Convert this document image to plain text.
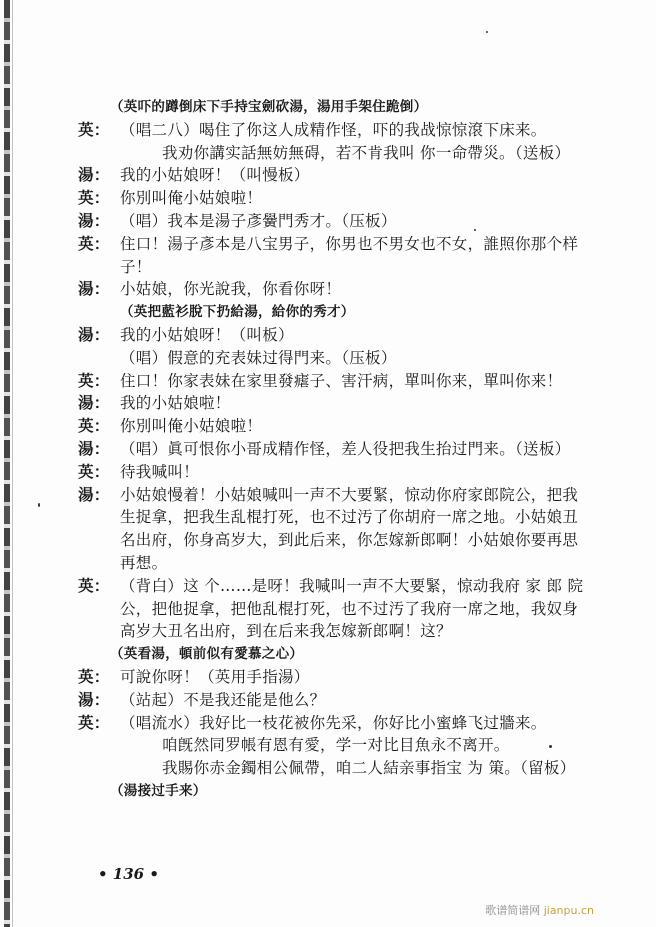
（英吓的蹲倒床下手持宝劍砍湯，湯用手架住跪倒）
英： （唱二八）喝住了你这人成精作怪，吓的我战惊惊滾下床来。
我劝你講实話無妨無碍，若不肯我叫 你一命帶災。（送板）
湯： 我的小姑娘呀！（叫慢板）
英： 你別叫俺小姑娘啦！
湯： （唱）我本是湯子彥黌門秀才。（压板）
英： 住口！湯子彥本是八宝男子，你男也不男女也不女，誰照你那个样
子！
湯： 小姑娘，你光說我，你看你呀！
（英把藍衫脫下扔給湯，給你的秀才）
湯： 我的小姑娘呀！（叫板）
（唱）假意的充表妹过得門来。（压板）
英： 住口！你家表妹在家里發瘧子、害汗病，單叫你来，單叫你来！
湯： 我的小姑娘啦！
英： 你別叫俺小姑娘啦！
湯： （唱）眞可恨你小哥成精作怪，差人役把我生抬过門来。（送板）
英： 待我喊叫！
湯： 小姑娘慢着！小姑娘喊叫一声不大要緊，惊动你府家郎院公，把我
生捉拿，把我生乱棍打死，也不过汚了你胡府一席之地。小姑娘丑
名出府，你身高岁大，到此后来，你怎嫁新郎啊！小姑娘你要再思
再想。
英： （背白）这 个……是呀！我喊叫一声不大要緊，惊动我府 家 郎 院
公，把他捉拿，把他乱棍打死，也不过汚了我府一席之地，我奴身
高岁大丑名出府，到在后来我怎嫁新郎啊！这？
（英看湯，頓前似有愛慕之心）
英： 可說你呀！（英用手指湯）
湯： （站起）不是我还能是他么？
英： （唱流水）我好比一枝花被你先采，你好比小蜜蜂飞过牆来。
咱旣然同罗帳有恩有愛，学一对比目魚永不离开。
我賜你赤金鐲相公佩帶，咱二人結亲事指宝 为 策。（留板）
（湯接过手来）
• 136 •
歌谱简谱网 jianpu.cn
